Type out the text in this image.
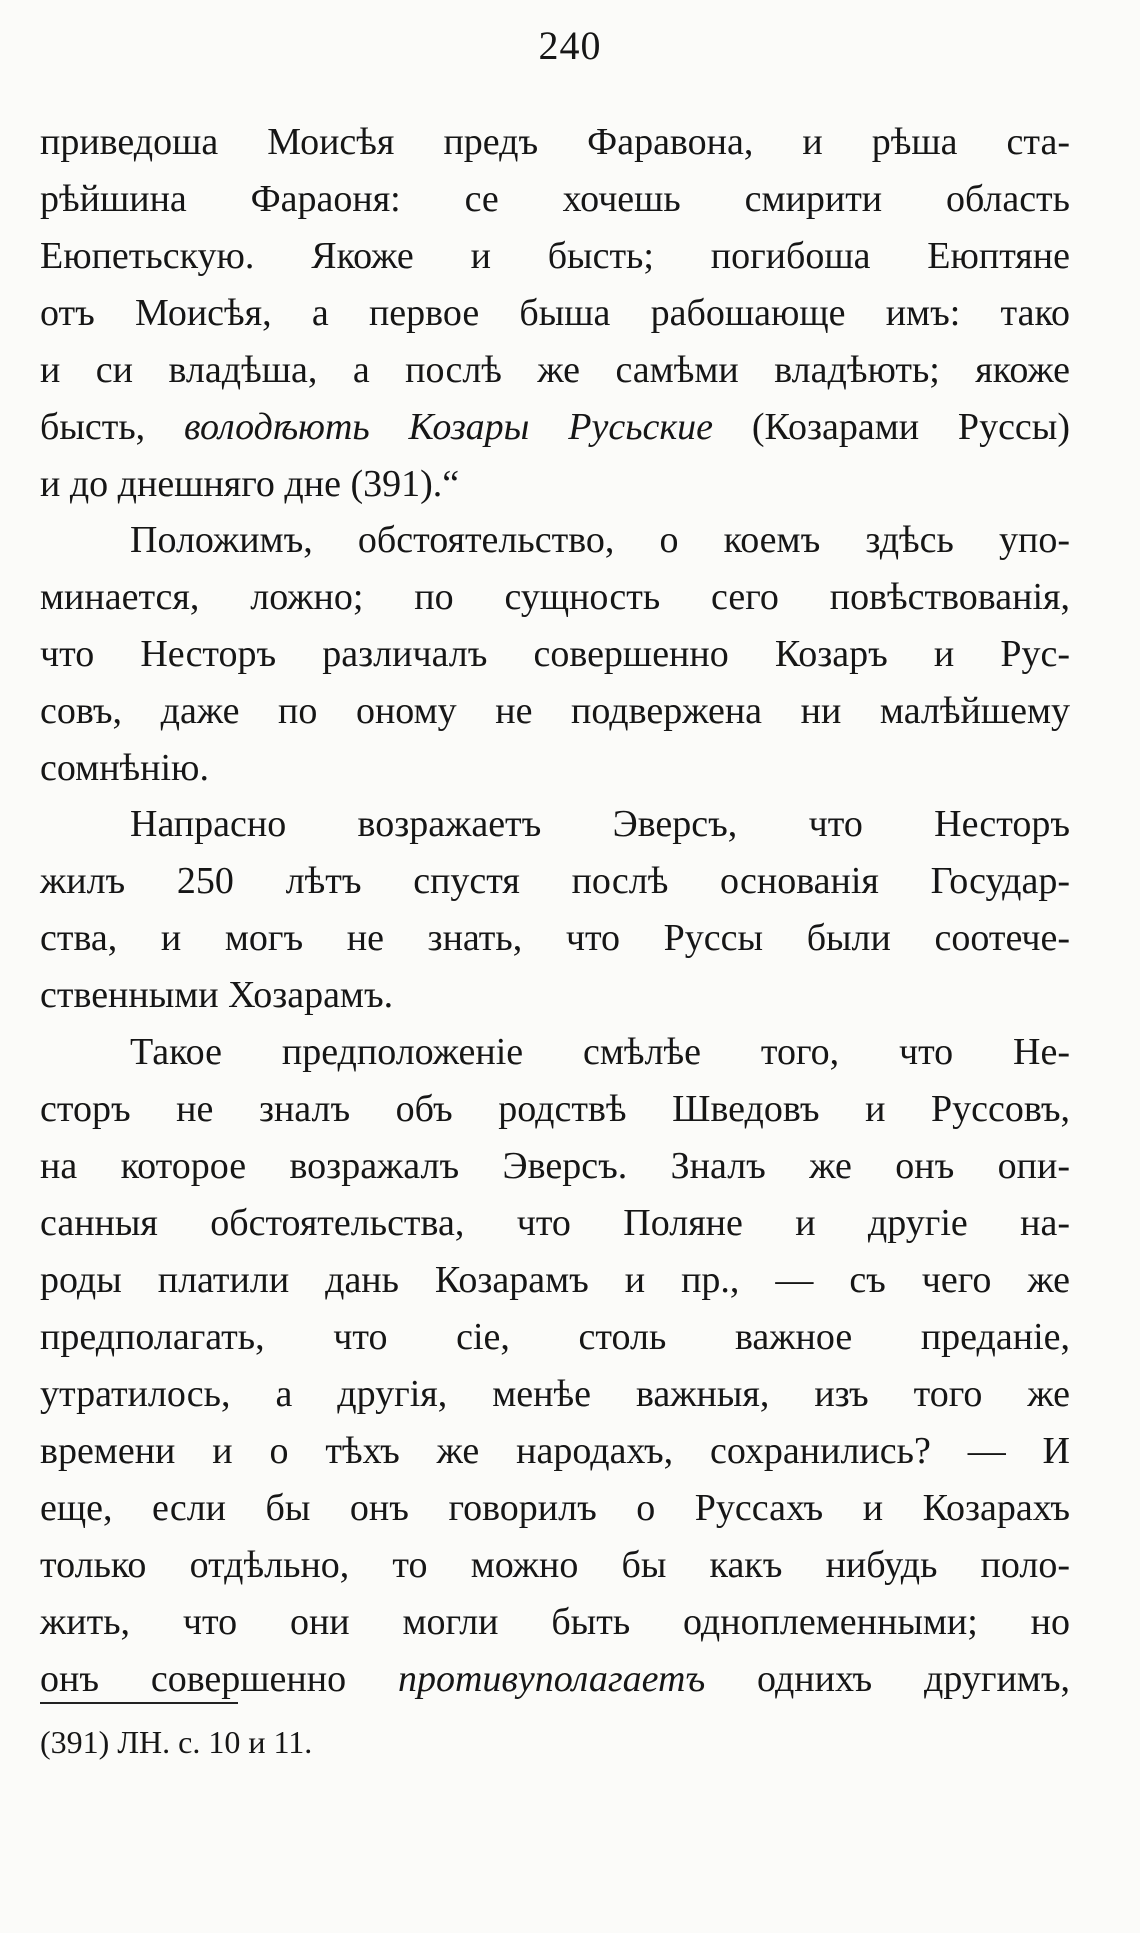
240
приведоша Моисѣя предъ Фаравона, и рѣша ста-
рѣйшина Фараоня: се хочешь смирити область
Еюпетьскую. Якоже и бысть; погибоша Еюптяне
отъ Моисѣя, а первое быша рабошающе имъ: тако
и си владѣша, а послѣ же самѣми владѣють; якоже
бысть, володѣють Козары Русьские (Козарами Руссы)
и до днешняго дне (391).“
Положимъ, обстоятельство, о коемъ здѣсь упо-
минается, ложно; по сущность сего повѣствованія,
что Несторъ различалъ совершенно Козаръ и Рус-
совъ, даже по оному не подвержена ни малѣйшему
сомнѣнію.
Напрасно возражаетъ Эверсъ, что Несторъ
жилъ 250 лѣтъ спустя послѣ основанія Государ-
ства, и могъ не знать, что Руссы были соотече-
ственными Хозарамъ.
Такое предположеніе смѣлѣе того, что Не-
сторъ не зналъ объ родствѣ Шведовъ и Руссовъ,
на которое возражалъ Эверсъ. Зналъ же онъ опи-
санныя обстоятельства, что Поляне и другіе на-
роды платили дань Козарамъ и пр., — съ чего же
предполагать, что сіе, столь важное преданіе,
утратилось, а другія, менѣе важныя, изъ того же
времени и о тѣхъ же народахъ, сохранились? — И
еще, если бы онъ говорилъ о Руссахъ и Козарахъ
только отдѣльно, то можно бы какъ нибудь поло-
жить, что они могли быть одноплеменными; но
онъ совершенно противуполагаетъ однихъ другимъ,
(391) ЛН. с. 10 и 11.
